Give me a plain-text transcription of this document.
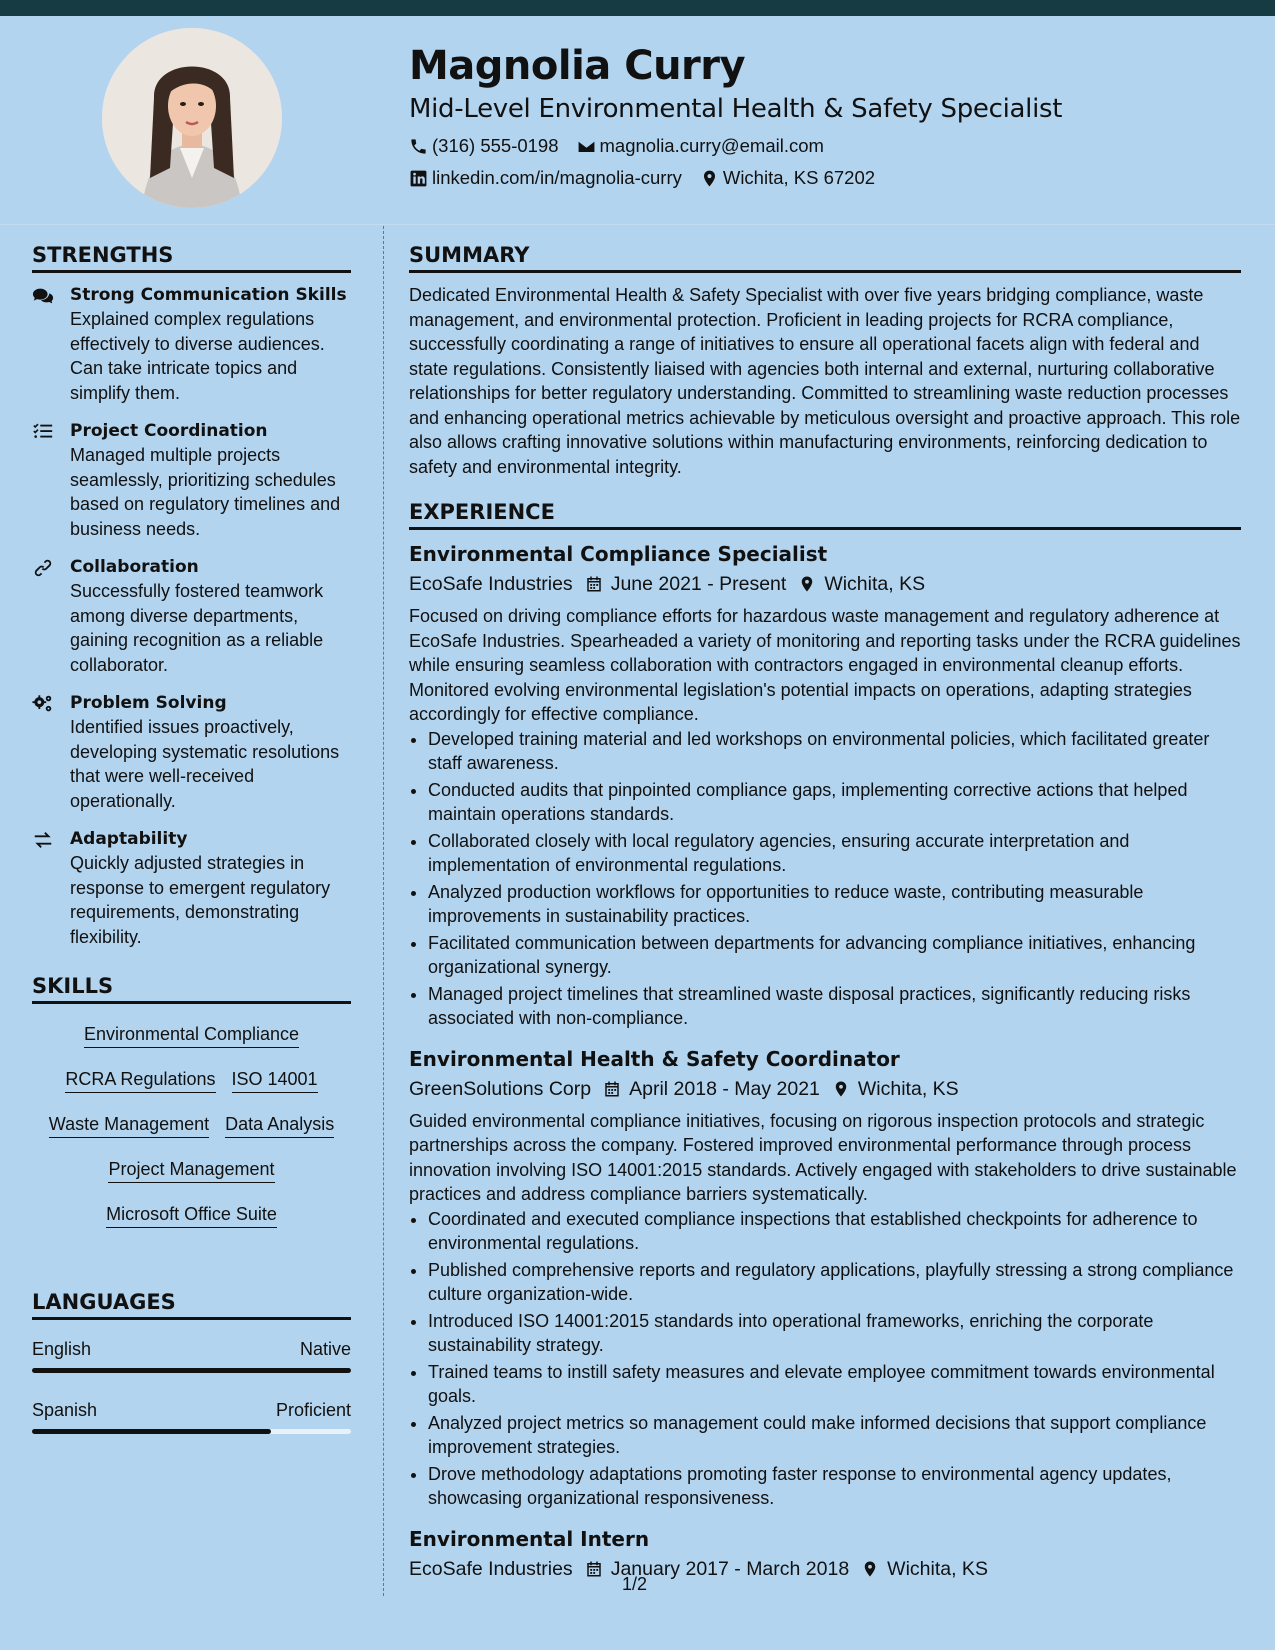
Magnolia Curry
Mid-Level Environmental Health & Safety Specialist
(316) 555-0198 magnolia.curry@email.com
linkedin.com/in/magnolia-curry Wichita, KS 67202
STRENGTHS
Strong Communication Skills
Explained complex regulations effectively to diverse audiences. Can take intricate topics and simplify them.
Project Coordination
Managed multiple projects seamlessly, prioritizing schedules based on regulatory timelines and business needs.
Collaboration
Successfully fostered teamwork among diverse departments, gaining recognition as a reliable collaborator.
Problem Solving
Identified issues proactively, developing systematic resolutions that were well-received operationally.
Adaptability
Quickly adjusted strategies in response to emergent regulatory requirements, demonstrating flexibility.
SKILLS
Environmental Compliance
RCRA Regulations ISO 14001
Waste Management Data Analysis
Project Management
Microsoft Office Suite
LANGUAGES
English	Native
Spanish	Proficient
SUMMARY

Dedicated Environmental Health & Safety Specialist with over five years bridging compliance, waste management, and environmental protection. Proficient in leading projects for RCRA compliance, successfully coordinating a range of initiatives to ensure all operational facets align with federal and state regulations. Consistently liaised with agencies both internal and external, nurturing collaborative relationships for better regulatory understanding. Committed to streamlining waste reduction processes and enhancing operational metrics achievable by meticulous oversight and proactive approach. This role also allows crafting innovative solutions within manufacturing environments, reinforcing dedication to safety and environmental integrity.

EXPERIENCE
Environmental Compliance Specialist
EcoSafe Industries June 2021 - Present Wichita, KS

Focused on driving compliance efforts for hazardous waste management and regulatory adherence at EcoSafe Industries. Spearheaded a variety of monitoring and reporting tasks under the RCRA guidelines while ensuring seamless collaboration with contractors engaged in environmental cleanup efforts. Monitored evolving environmental legislation's potential impacts on operations, adapting strategies accordingly for effective compliance.

• Developed training material and led workshops on environmental policies, which facilitated greater staff awareness.
• Conducted audits that pinpointed compliance gaps, implementing corrective actions that helped maintain operations standards.
• Collaborated closely with local regulatory agencies, ensuring accurate interpretation and implementation of environmental regulations.
• Analyzed production workflows for opportunities to reduce waste, contributing measurable improvements in sustainability practices.
• Facilitated communication between departments for advancing compliance initiatives, enhancing organizational synergy.
• Managed project timelines that streamlined waste disposal practices, significantly reducing risks associated with non-compliance.
Environmental Health & Safety Coordinator
GreenSolutions Corp April 2018 - May 2021 Wichita, KS

Guided environmental compliance initiatives, focusing on rigorous inspection protocols and strategic partnerships across the company. Fostered improved environmental performance through process innovation involving ISO 14001:2015 standards. Actively engaged with stakeholders to drive sustainable practices and address compliance barriers systematically.

• Coordinated and executed compliance inspections that established checkpoints for adherence to environmental regulations.
• Published comprehensive reports and regulatory applications, playfully stressing a strong compliance culture organization-wide.
• Introduced ISO 14001:2015 standards into operational frameworks, enriching the corporate sustainability strategy.
• Trained teams to instill safety measures and elevate employee commitment towards environmental goals.
• Analyzed project metrics so management could make informed decisions that support compliance improvement strategies.
• Drove methodology adaptations promoting faster response to environmental agency updates, showcasing organizational responsiveness.
Environmental Intern
EcoSafe Industries January 2017 - March 2018 Wichita, KS
1/2
